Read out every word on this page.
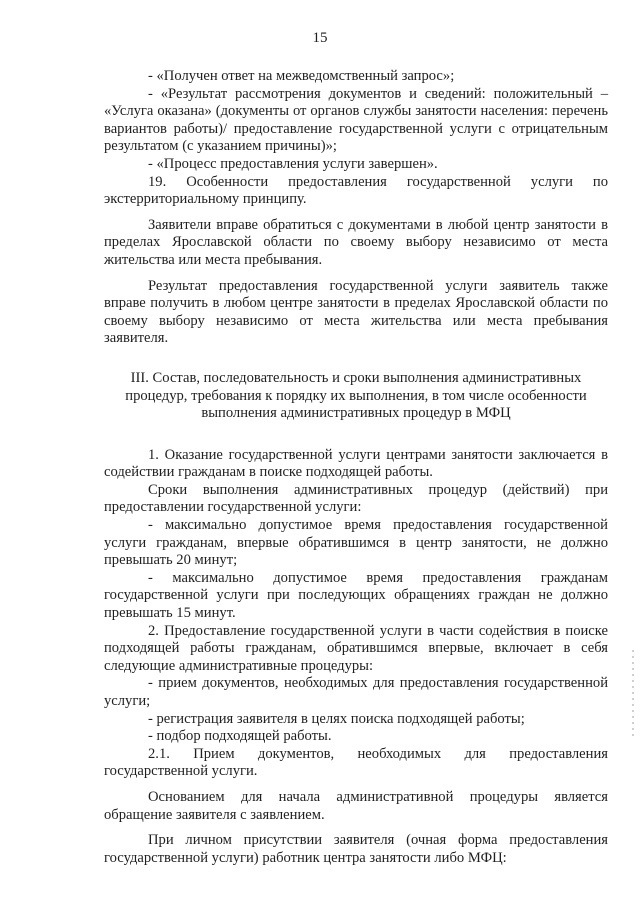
15

- «Получен ответ на межведомственный запрос»;

- «Результат рассмотрения документов и сведений: положительный – «Услуга оказана» (документы от органов службы занятости населения: перечень вариантов работы)/ предоставление государственной услуги с отрицательным результатом (с указанием причины)»;

- «Процесс предоставления услуги завершен».

19. Особенности предоставления государственной услуги по экстерриториальному принципу.

Заявители вправе обратиться с документами в любой центр занятости в пределах Ярославской области по своему выбору независимо от места жительства или места пребывания.

Результат предоставления государственной услуги заявитель также вправе получить в любом центре занятости в пределах Ярославской области по своему выбору независимо от места жительства или места пребывания заявителя.

III. Состав, последовательность и сроки выполнения административных
процедур, требования к порядку их выполнения, в том числе особенности
выполнения административных процедур в МФЦ

1. Оказание государственной услуги центрами занятости заключается в содействии гражданам в поиске подходящей работы.

Сроки выполнения административных процедур (действий) при предоставлении государственной услуги:

- максимально допустимое время предоставления государственной услуги гражданам, впервые обратившимся в центр занятости, не должно превышать 20 минут;

- максимально допустимое время предоставления гражданам государственной услуги при последующих обращениях граждан не должно превышать 15 минут.

2. Предоставление государственной услуги в части содействия в поиске подходящей работы гражданам, обратившимся впервые, включает в себя следующие административные процедуры:

- прием документов, необходимых для предоставления государственной услуги;

- регистрация заявителя в целях поиска подходящей работы;

- подбор подходящей работы.

2.1. Прием документов, необходимых для предоставления государственной услуги.

Основанием для начала административной процедуры является обращение заявителя с заявлением.

При личном присутствии заявителя (очная форма предоставления государственной услуги) работник центра занятости либо МФЦ:
